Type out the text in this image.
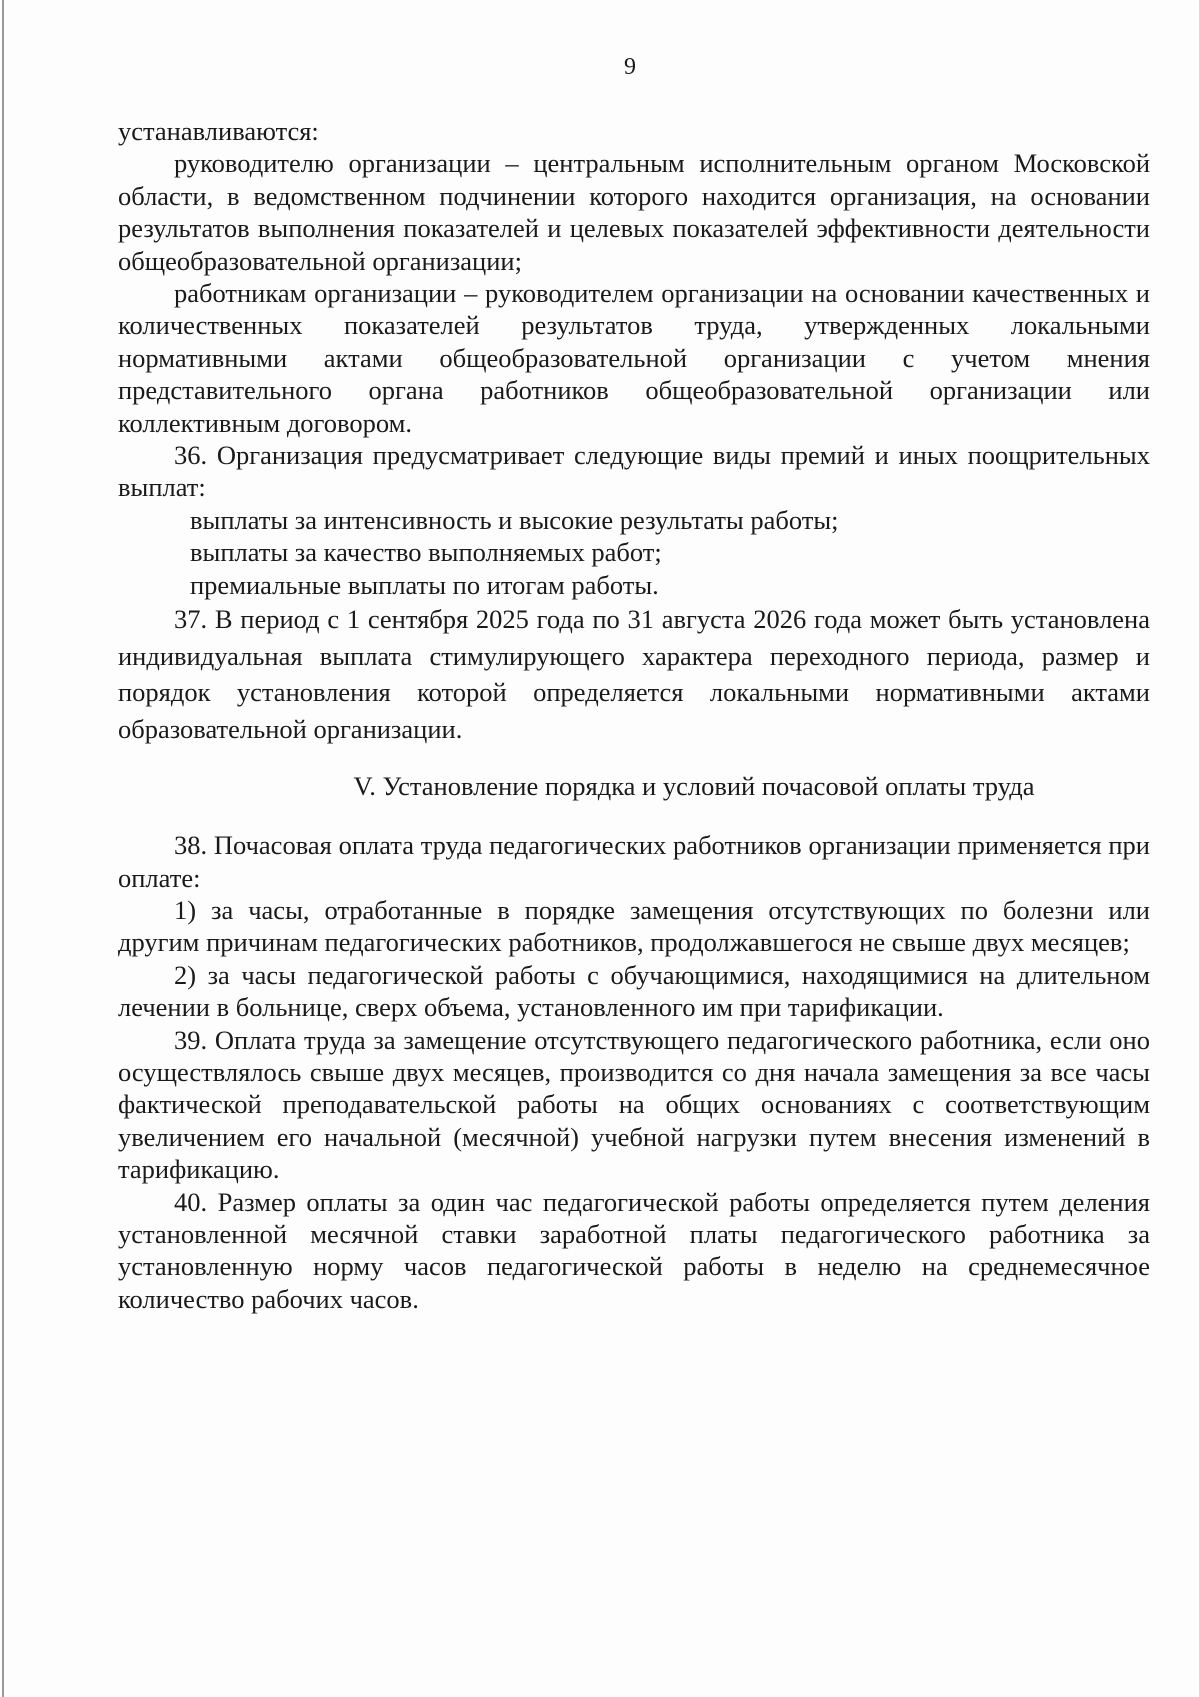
9

устанавливаются:

руководителю организации – центральным исполнительным органом Московской области, в ведомственном подчинении которого находится организация, на основании результатов выполнения показателей и целевых показателей эффективности деятельности общеобразовательной организации;

работникам организации – руководителем организации на основании качественных и количественных показателей результатов труда, утвержденных локальными нормативными актами общеобразовательной организации с учетом мнения представительного органа работников общеобразовательной организации или коллективным договором.

36. Организация предусматривает следующие виды премий и иных поощрительных выплат:

выплаты за интенсивность и высокие результаты работы;

выплаты за качество выполняемых работ;

премиальные выплаты по итогам работы.

37. В период с 1 сентября 2025 года по 31 августа 2026 года может быть установлена индивидуальная выплата стимулирующего характера переходного периода, размер и порядок установления которой определяется локальными нормативными актами образовательной организации.

V. Установление порядка и условий почасовой оплаты труда

38. Почасовая оплата труда педагогических работников организации применяется при оплате:

1) за часы, отработанные в порядке замещения отсутствующих по болезни или другим причинам педагогических работников, продолжавшегося не свыше двух месяцев;

2) за часы педагогической работы с обучающимися, находящимися на длительном лечении в больнице, сверх объема, установленного им при тарификации.

39. Оплата труда за замещение отсутствующего педагогического работника, если оно осуществлялось свыше двух месяцев, производится со дня начала замещения за все часы фактической преподавательской работы на общих основаниях с соответствующим увеличением его начальной (месячной) учебной нагрузки путем внесения изменений в тарификацию.

40. Размер оплаты за один час педагогической работы определяется путем деления установленной месячной ставки заработной платы педагогического работника за установленную норму часов педагогической работы в неделю на среднемесячное количество рабочих часов.
